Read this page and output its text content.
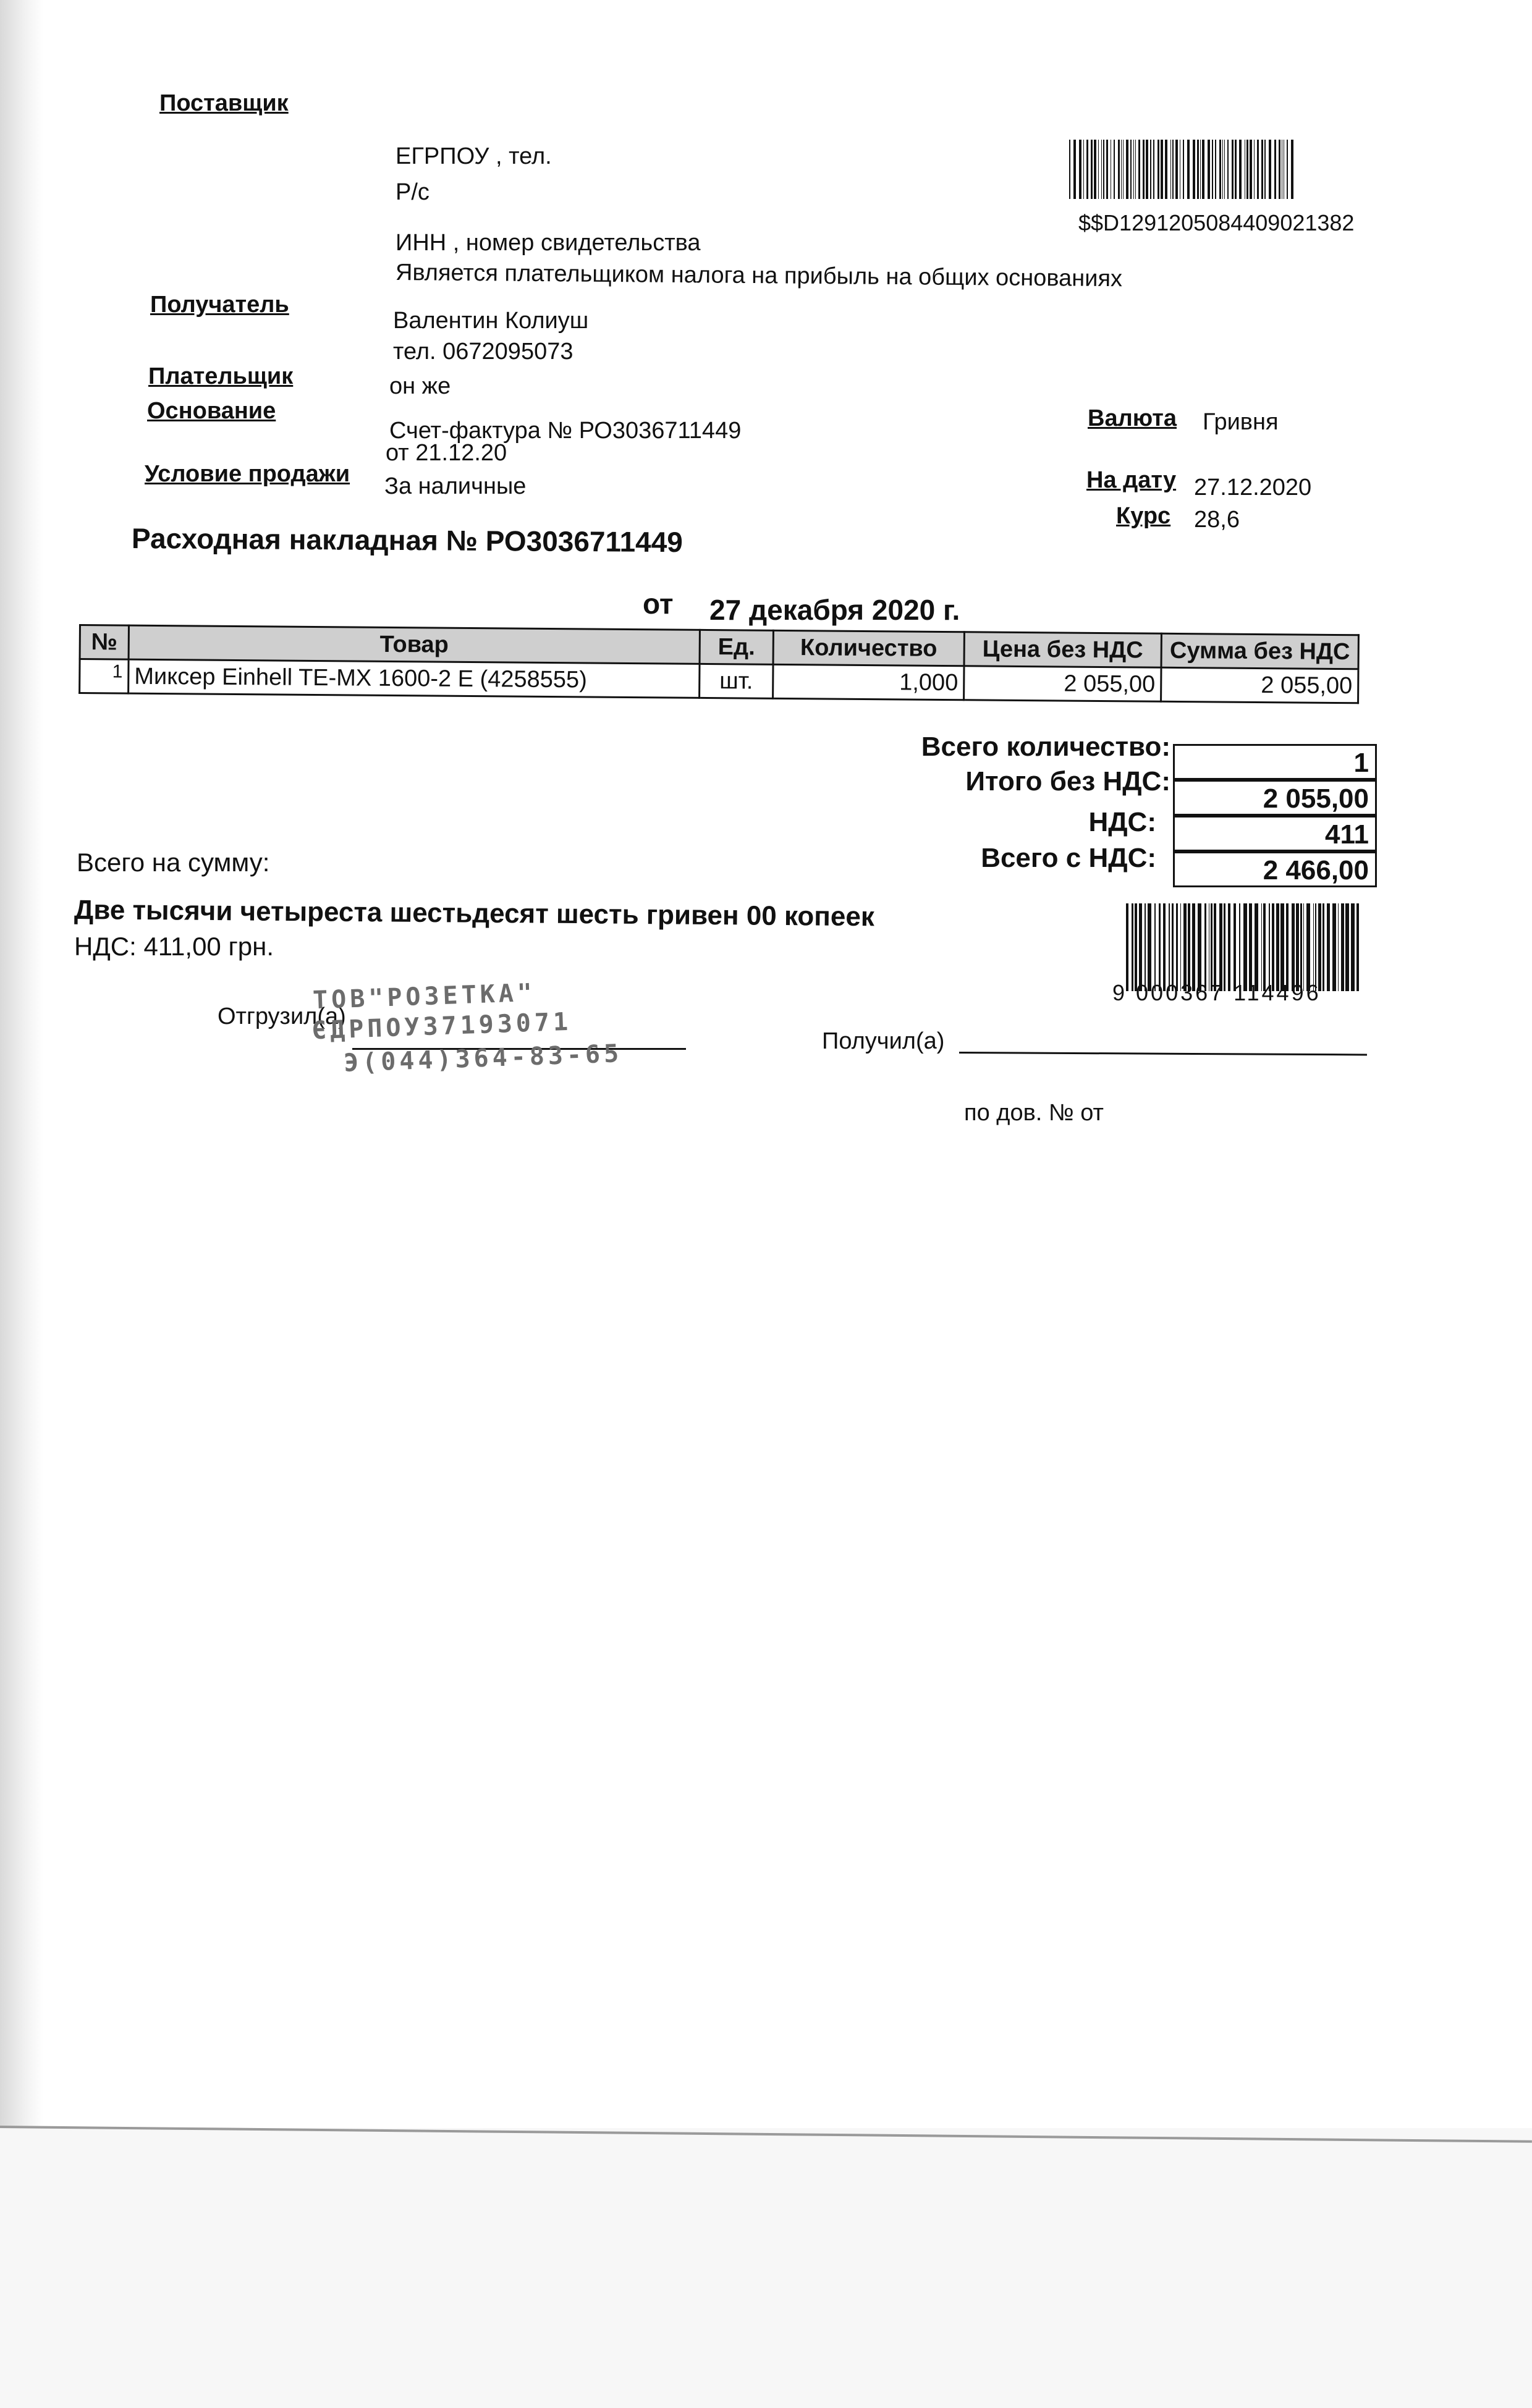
Поставщик
ЕГРПОУ , тел.
Р/с
ИНН , номер свидетельства
Является плательщиком налога на прибыль на общих основаниях
$$D1291205084409021382
Получатель
Валентин Колиуш
тел. 0672095073
Плательщик	он же
Основание
Счет-фактура № РО3036711449
от 21.12.20
Валюта Гривня
Условие продажи За наличные	На дату 27.12.2020
Курс 28,6
Расходная накладная № РО3036711449
от 27 декабря 2020 г.
№	Товар	Ед.	Количество	Цена без НДС	Сумма без НДС
1	Миксер Einhell TE-MX 1600-2 E (4258555)	шт.	1,000	2 055,00	2 055,00
Всего количество:
1
Итого без НДС:
2 055,00
НДС:	411
Всего с НДС:	2 466,00
Всего на сумму:
Две тысячи четыреста шестьдесят шесть гривен 00 копеек
НДС: 411,00 грн.
9 000367 114496
Отгрузил(а)
Получил(а)
по дов. № от
ТОВ"РОЗЕТКА"
ЄДРПОУ37193071
Э(044)364-83-65
